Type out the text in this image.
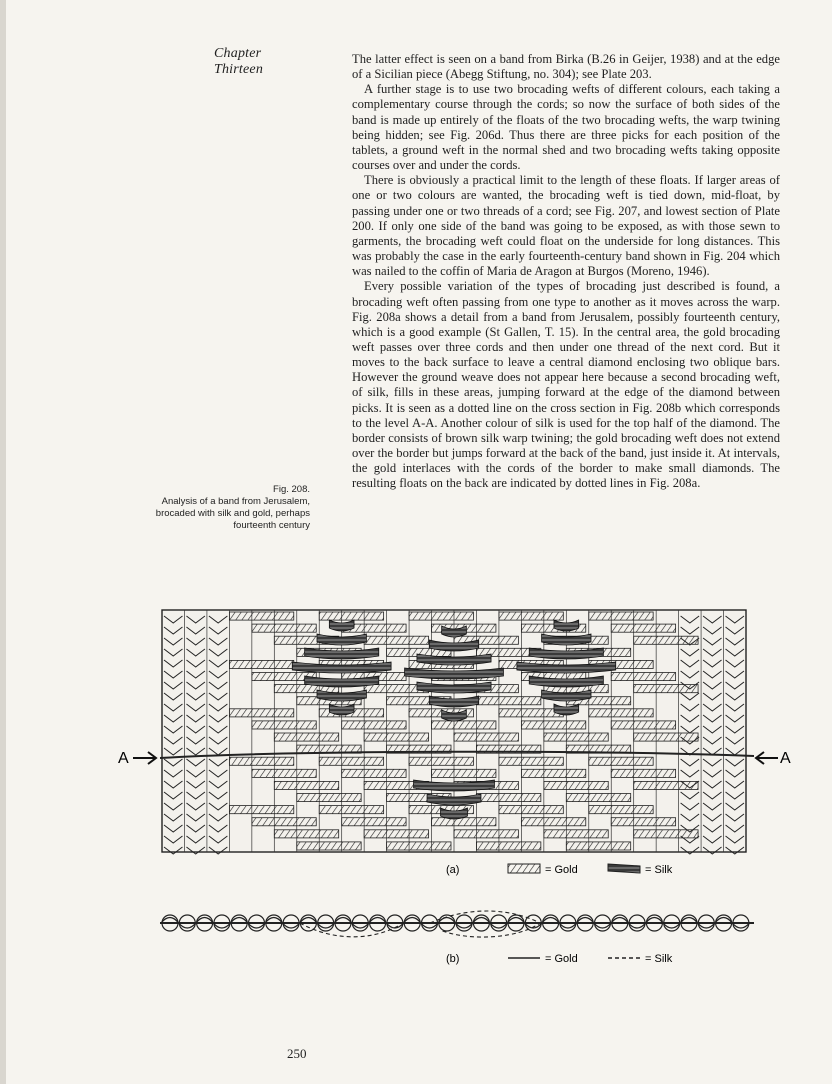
Chapter Thirteen

The latter effect is seen on a band from Birka (B.26 in Geijer, 1938) and at the edge of a Sicilian piece (Abegg Stiftung, no. 304); see Plate 203.

A further stage is to use two brocading wefts of different colours, each taking a complementary course through the cords; so now the surface of both sides of the band is made up entirely of the floats of the two brocading wefts, the warp twining being hidden; see Fig. 206d. Thus there are three picks for each position of the tablets, a ground weft in the normal shed and two brocading wefts taking opposite courses over and under the cords.

There is obviously a practical limit to the length of these floats. If larger areas of one or two colours are wanted, the brocading weft is tied down, mid-float, by passing under one or two threads of a cord; see Fig. 207, and lowest section of Plate 200. If only one side of the band was going to be exposed, as with those sewn to garments, the brocading weft could float on the underside for long distances. This was probably the case in the early fourteenth-century band shown in Fig. 204 which was nailed to the coffin of Maria de Aragon at Burgos (Moreno, 1946).

Every possible variation of the types of brocading just described is found, a brocading weft often passing from one type to another as it moves across the warp. Fig. 208a shows a detail from a band from Jerusalem, possibly fourteenth century, which is a good example (St Gallen, T. 15). In the central area, the gold brocading weft passes over three cords and then under one thread of the next cord. But it moves to the back surface to leave a central diamond enclosing two oblique bars. However the ground weave does not appear here because a second brocading weft, of silk, fills in these areas, jumping forward at the edge of the diamond between picks. It is seen as a dotted line on the cross section in Fig. 208b which corresponds to the level A-A. Another colour of silk is used for the top half of the diamond. The border consists of brown silk warp twining; the gold brocading weft does not extend over the border but jumps forward at the back of the band, just inside it. At intervals, the gold interlaces with the cords of the border to make small diamonds. The resulting floats on the back are indicated by dotted lines in Fig. 208a.

Fig. 208.
Analysis of a band from Jerusalem, brocaded with silk and gold, perhaps fourteenth century
A	A
(a)	= Gold	= Silk
(b)	= Gold	= Silk
250
